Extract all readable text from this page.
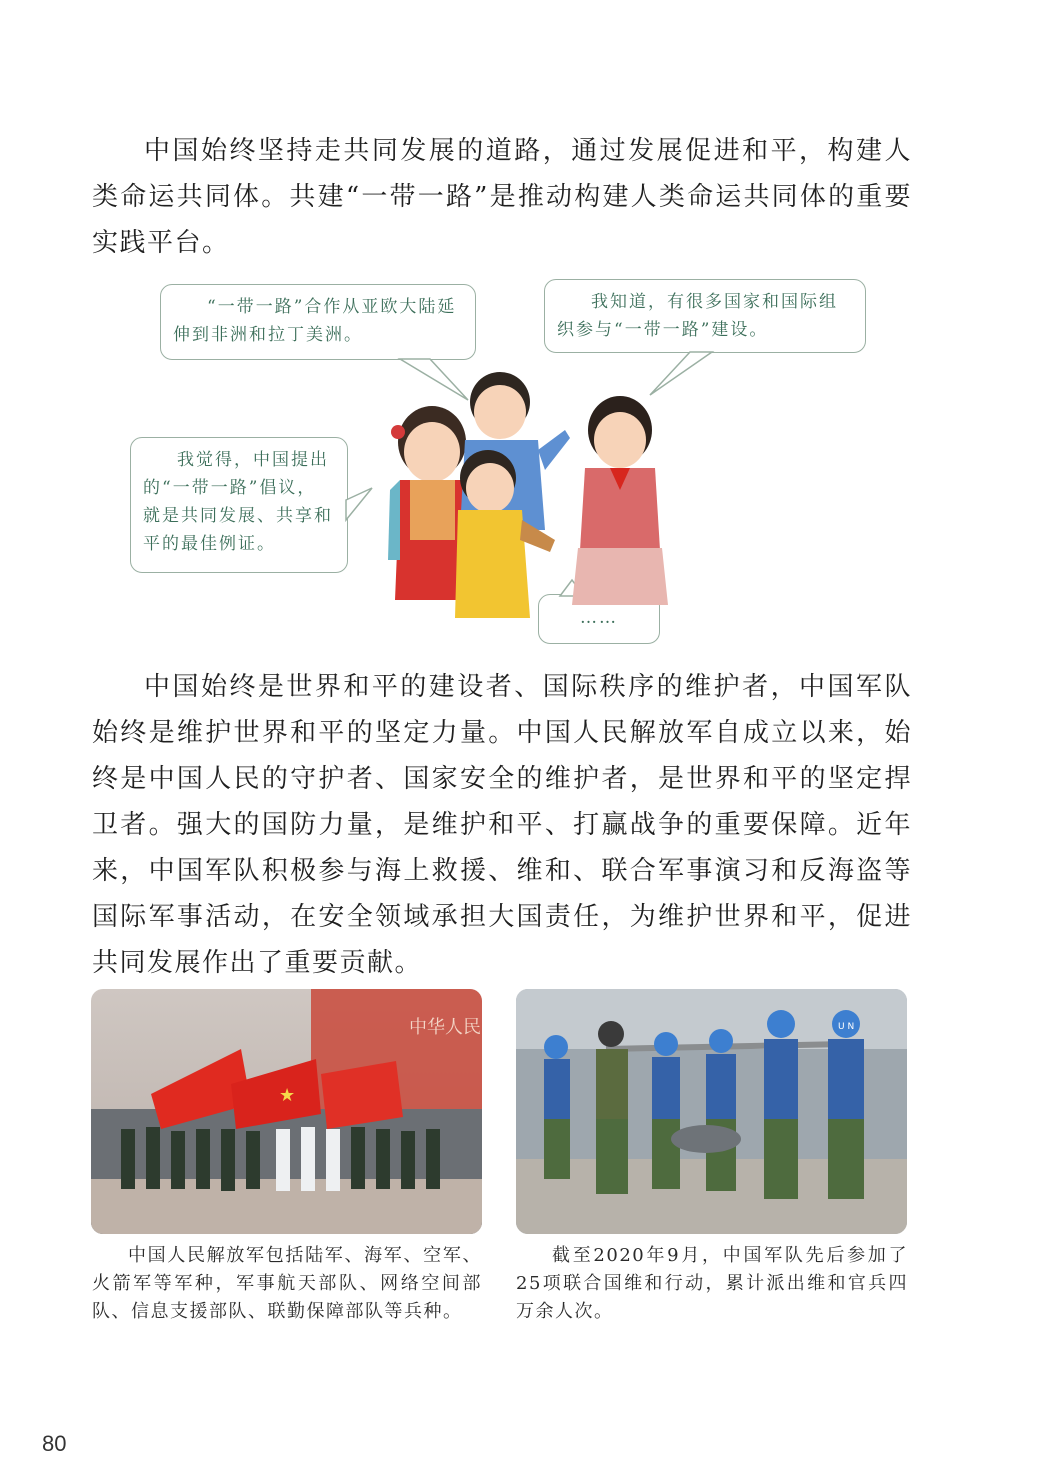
中国始终坚持走共同发展的道路，通过发展促进和平，构建人类命运共同体。共建“一带一路”是推动构建人类命运共同体的重要实践平台。

“一带一路”合作从亚欧大陆延伸到非洲和拉丁美洲。

我知道，有很多国家和国际组织参与“一带一路”建设。

我觉得，中国提出的“一带一路”倡议，就是共同发展、共享和平的最佳例证。

……

中国始终是世界和平的建设者、国际秩序的维护者，中国军队始终是维护世界和平的坚定力量。中国人民解放军自成立以来，始终是中国人民的守护者、国家安全的维护者，是世界和平的坚定捍卫者。强大的国防力量，是维护和平、打赢战争的重要保障。近年来，中国军队积极参与海上救援、维和、联合军事演习和反海盗等国际军事活动，在安全领域承担大国责任，为维护世界和平，促进共同发展作出了重要贡献。

中华人民
★
U N

中国人民解放军包括陆军、海军、空军、火箭军等军种，军事航天部队、网络空间部队、信息支援部队、联勤保障部队等兵种。

截至2020年9月，中国军队先后参加了25项联合国维和行动，累计派出维和官兵四万余人次。

80
